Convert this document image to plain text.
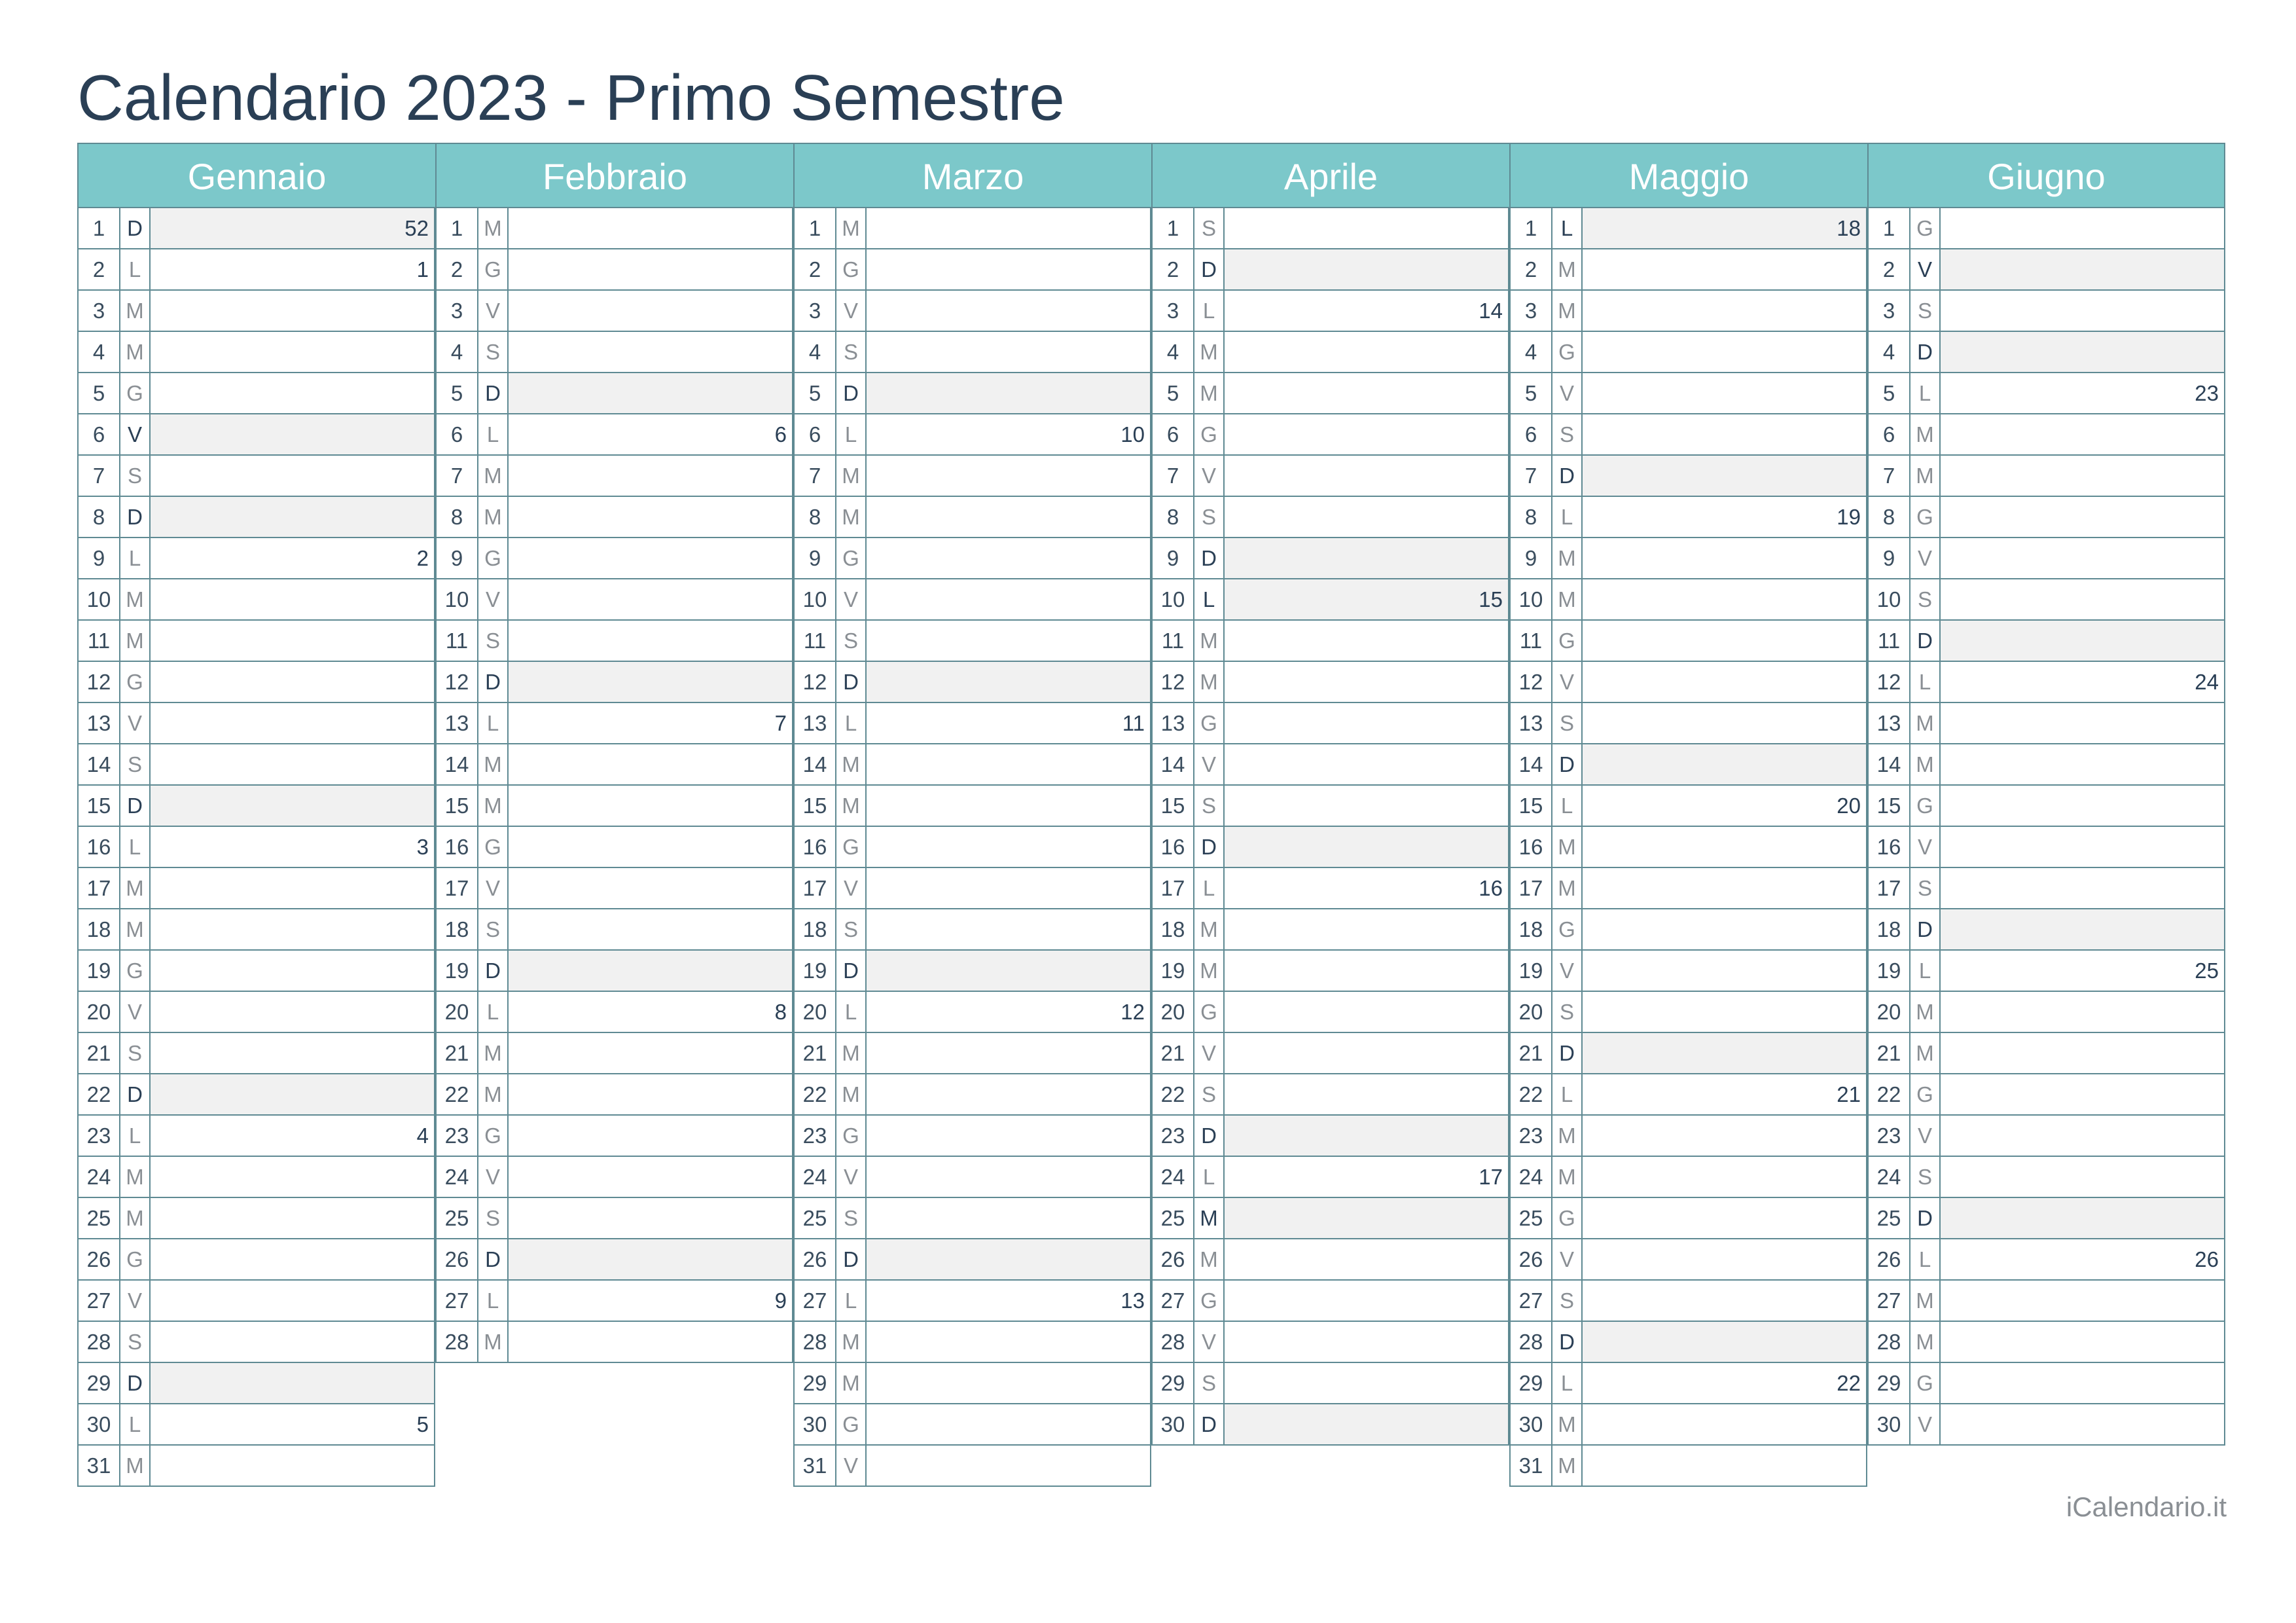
Calendario 2023 - Primo Semestre
Gennaio
1	D	52
2	L	1
3 M
4 M
5 G
6	V
7	S
8	D
9	L	2
10 M
11 M
12 G
13 V
14 S
15 D
16 L	3
17 M
18 M
19 G
20 V
21 S
22 D
23 L	4
24 M
25 M
26 G
27 V
28 S
29 D
30 L	5
31 M
Febbraio
1 M
2 G
3	V
4	S
5	D
6	L	6
7 M
8 M
9 G
10 V
11 S
12 D
13 L	7
14 M
15 M
16 G
17 V
18 S
19 D
20 L	8
21 M
22 M
23 G
24 V
25 S
26 D
27 L	9
28 M
Marzo
1 M
2 G
3	V
4	S
5	D
6	L	10
7 M
8 M
9 G
10 V
11 S
12 D
13 L	11
14 M
15 M
16 G
17 V
18 S
19 D
20 L	12
21 M
22 M
23 G
24 V
25 S
26 D
27 L	13
28 M
29 M
30 G
31 V
Aprile
1	S
2	D
3	L	14
4 M
5 M
6 G
7	V
8	S
9	D
10 L	15
11 M
12 M
13 G
14 V
15 S
16 D
17 L	16
18 M
19 M
20 G
21 V
22 S
23 D
24 L	17
25 M
26 M
27 G
28 V
29 S
30 D
Maggio
1	L	18
2 M
3 M
4 G
5	V
6	S
7	D
8	L	19
9 M
10 M
11 G
12 V
13 S
14 D
15 L	20
16 M
17 M
18 G
19 V
20 S
21 D
22 L	21
23 M
24 M
25 G
26 V
27 S
28 D
29 L	22
30 M
31 M
Giugno
1 G
2	V
3	S
4	D
5	L	23
6 M
7 M
8 G
9	V
10 S
11 D
12 L	24
13 M
14 M
15 G
16 V
17 S
18 D
19 L	25
20 M
21 M
22 G
23 V
24 S
25 D
26 L	26
27 M
28 M
29 G
30 V
iCalendario.it
